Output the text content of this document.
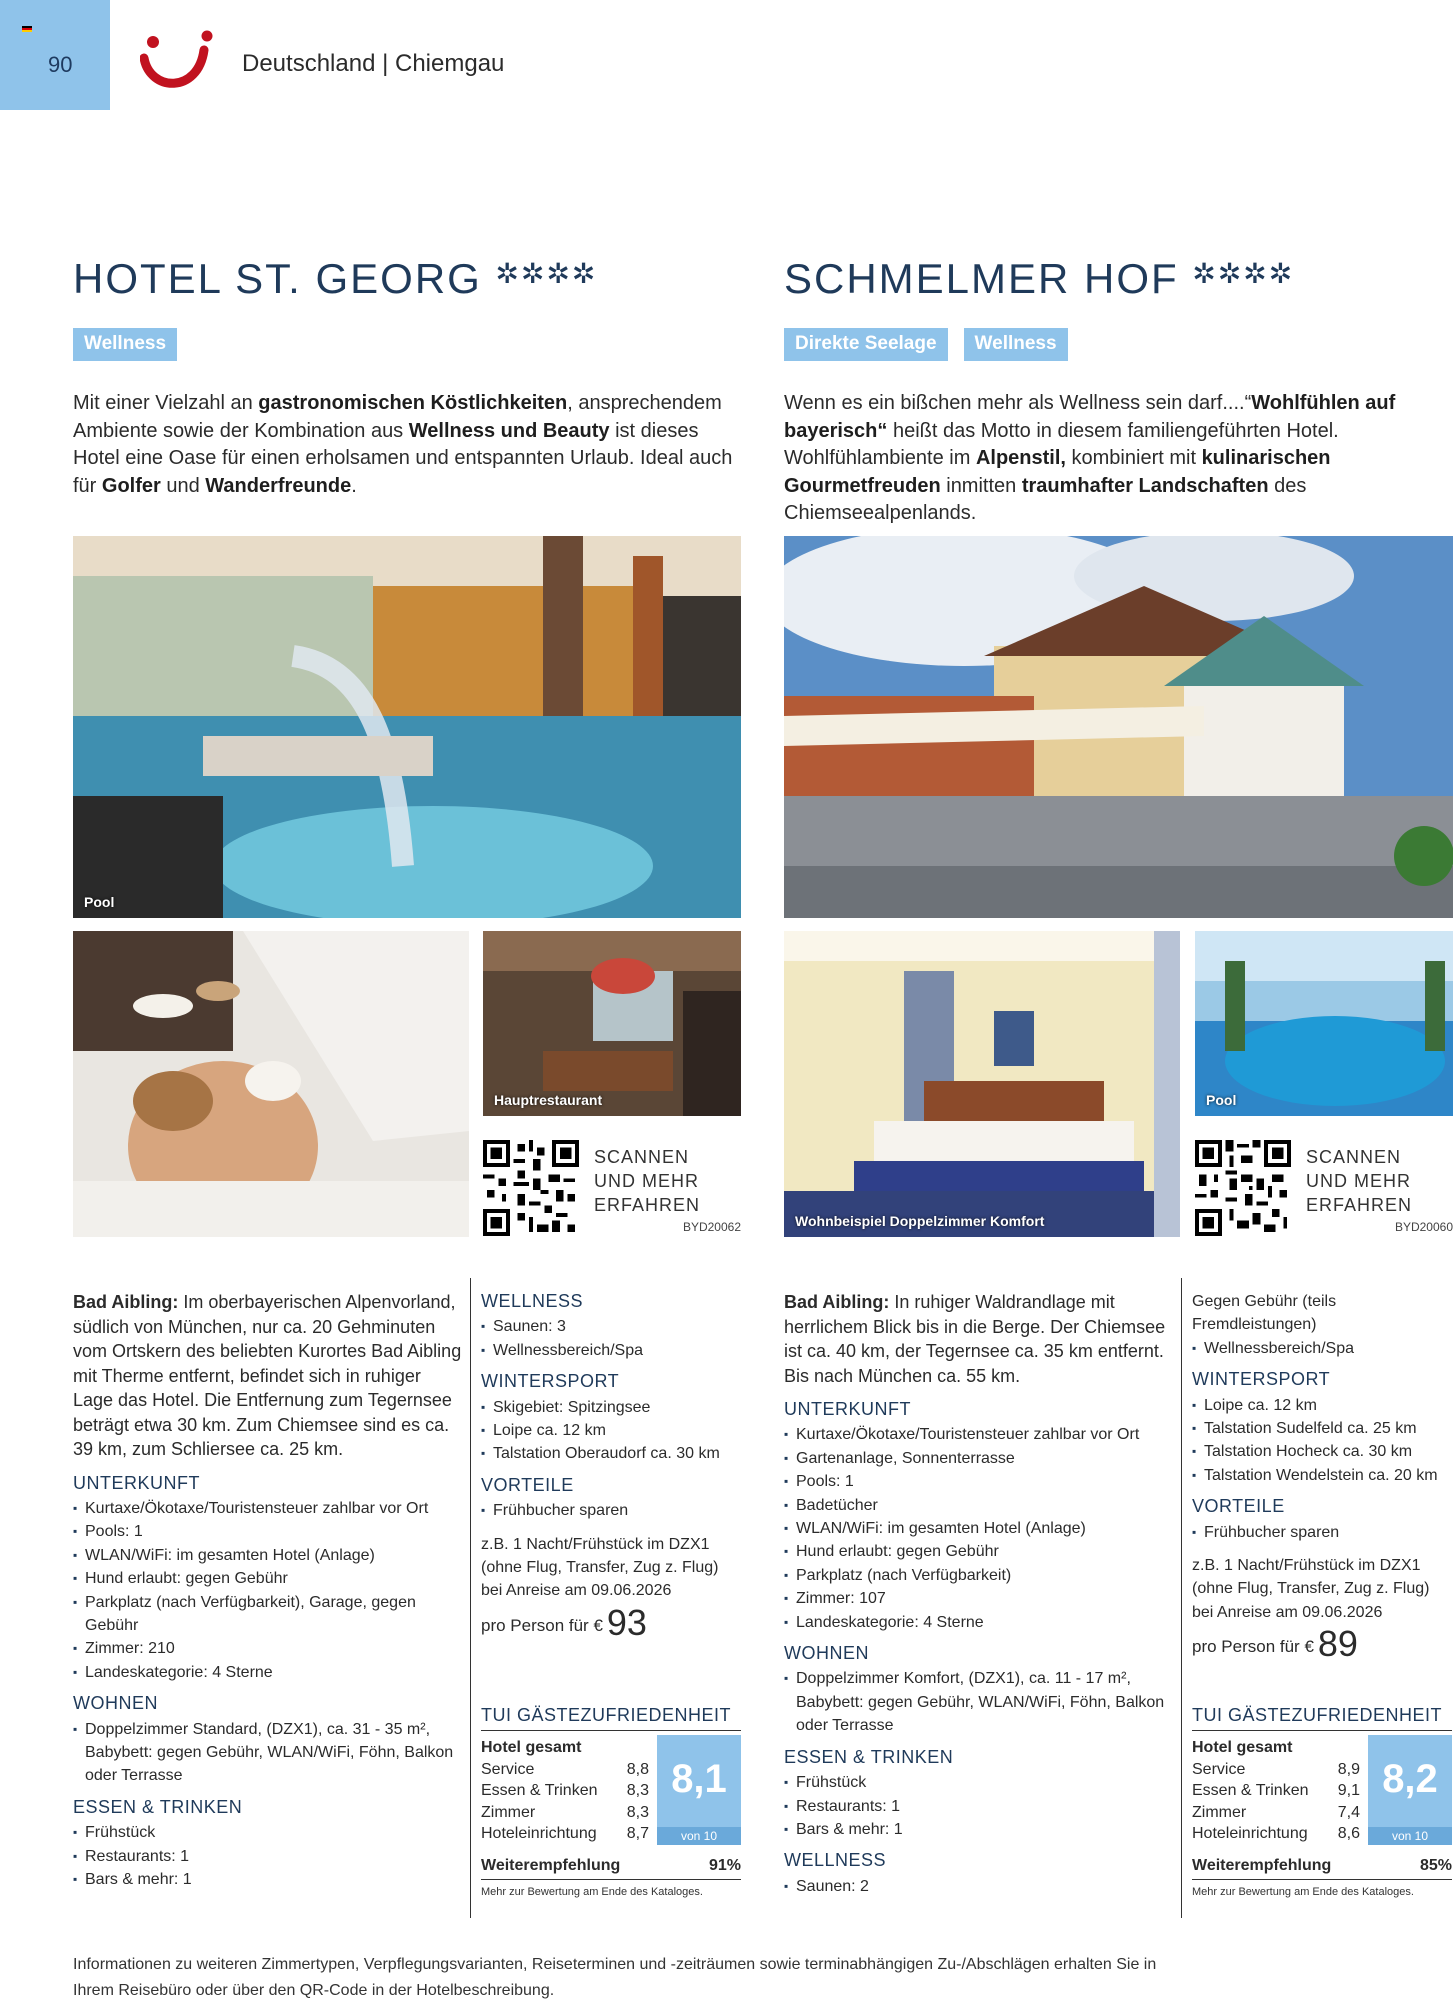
90	Deutschland | Chiemgau
HOTEL ST. GEORG ✲✲✲✲
Wellness
Mit einer Vielzahl an gastronomischen Köstlichkeiten, ansprechendem Ambiente sowie der Kombination aus Wellness und Beauty ist dieses Hotel eine Oase für einen erholsamen und entspannten Urlaub. Ideal auch für Golfer und Wanderfreunde.
Pool
Hauptrestaurant
SCANNEN
UND MEHR
ERFAHREN
BYD20062

Bad Aibling: Im oberbayerischen Alpenvorland, südlich von München, nur ca. 20 Gehminuten vom Ortskern des beliebten Kurortes Bad Aibling mit Therme entfernt, befindet sich in ruhiger Lage das Hotel. Die Entfernung zum Tegernsee beträgt etwa 30 km. Zum Chiemsee sind es ca. 39 km, zum Schliersee ca. 25 km.

UNTERKUNFT
▪ Kurtaxe/Ökotaxe/Touristensteuer zahlbar vor Ort
▪ Pools: 1
▪ WLAN/WiFi: im gesamten Hotel (Anlage)
▪ Hund erlaubt: gegen Gebühr
▪ Parkplatz (nach Verfügbarkeit), Garage, gegen Gebühr
▪ Zimmer: 210
▪ Landeskategorie: 4 Sterne
WOHNEN
▪ Doppelzimmer Standard, (DZX1), ca. 31 - 35 m², Babybett: gegen Gebühr, WLAN/WiFi, Föhn, Balkon oder Terrasse
ESSEN & TRINKEN
▪ Frühstück
▪ Restaurants: 1
▪ Bars & mehr: 1
WELLNESS
▪ Saunen: 3
▪ Wellnessbereich/Spa
WINTERSPORT
▪ Skigebiet: Spitzingsee
▪ Loipe ca. 12 km
▪ Talstation Oberaudorf ca. 30 km
VORTEILE
▪ Frühbucher sparen

z.B. 1 Nacht/Frühstück im DZX1 (ohne Flug, Transfer, Zug z. Flug) bei Anreise am 09.06.2026

pro Person für € 93
TUI GÄSTEZUFRIEDENHEIT
Hotel gesamt
Service	8,8
Essen & Trinken 8,3
Zimmer	8,3
Hoteleinrichtung 8,7
8,1
von 10
Weiterempfehlung	91%
Mehr zur Bewertung am Ende des Kataloges.
SCHMELMER HOF ✲✲✲✲
Direkte Seelage	Wellness
Wenn es ein bißchen mehr als Wellness sein darf....“Wohlfühlen auf bayerisch“ heißt das Motto in diesem familiengeführten Hotel. Wohlfühlambiente im Alpenstil, kombiniert mit kulinarischen Gourmetfreuden inmitten traumhafter Landschaften des Chiemseealpenlands.
Wohnbeispiel Doppelzimmer Komfort
Pool
SCANNEN
UND MEHR
ERFAHREN
BYD20060

Bad Aibling: In ruhiger Waldrandlage mit herrlichem Blick bis in die Berge. Der Chiemsee ist ca. 40 km, der Tegernsee ca. 35 km entfernt. Bis nach München ca. 55 km.

UNTERKUNFT
▪ Kurtaxe/Ökotaxe/Touristensteuer zahlbar vor Ort
▪ Gartenanlage, Sonnenterrasse
▪ Pools: 1
▪ Badetücher
▪ WLAN/WiFi: im gesamten Hotel (Anlage)
▪ Hund erlaubt: gegen Gebühr
▪ Parkplatz (nach Verfügbarkeit)
▪ Zimmer: 107
▪ Landeskategorie: 4 Sterne
WOHNEN
▪ Doppelzimmer Komfort, (DZX1), ca. 11 - 17 m², Babybett: gegen Gebühr, WLAN/WiFi, Föhn, Balkon oder Terrasse
ESSEN & TRINKEN
▪ Frühstück
▪ Restaurants: 1
▪ Bars & mehr: 1
WELLNESS
▪ Saunen: 2

Gegen Gebühr (teils Fremdleistungen)

▪ Wellnessbereich/Spa
WINTERSPORT
▪ Loipe ca. 12 km
▪ Talstation Sudelfeld ca. 25 km
▪ Talstation Hocheck ca. 30 km
▪ Talstation Wendelstein ca. 20 km
VORTEILE
▪ Frühbucher sparen

z.B. 1 Nacht/Frühstück im DZX1 (ohne Flug, Transfer, Zug z. Flug) bei Anreise am 09.06.2026

pro Person für € 89
TUI GÄSTEZUFRIEDENHEIT
Hotel gesamt
Service	8,9
Essen & Trinken 9,1
Zimmer	7,4
Hoteleinrichtung 8,6
8,2
von 10
Weiterempfehlung	85%
Mehr zur Bewertung am Ende des Kataloges.
Informationen zu weiteren Zimmertypen, Verpflegungsvarianten, Reiseterminen und -zeiträumen sowie terminabhängigen Zu-/Abschlägen erhalten Sie in Ihrem Reisebüro oder über den QR-Code in der Hotelbeschreibung.
